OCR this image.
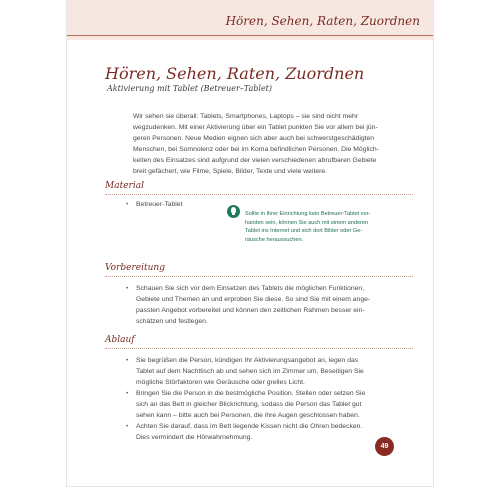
Hören, Sehen, Raten, Zuordnen
Hören, Sehen, Raten, Zuordnen
Aktivierung mit Tablet (Betreuer–Tablet)
Wir sehen sie überall: Tablets, Smartphones, Laptops – sie sind nicht mehr
wegzudenken. Mit einer Aktivierung über ein Tablet punkten Sie vor allem bei jün-
geren Personen. Neue Medien eignen sich aber auch bei schwerstgeschädigten
Menschen, bei Somnolenz oder bei im Koma befindlichen Personen. Die Möglich-
keiten des Einsatzes sind aufgrund der vielen verschiedenen abrufbaren Gebiete
breit gefächert, wie Filme, Spiele, Bilder, Texte und viele weitere.
Material
• Betreuer-Tablet
Sollte in Ihrer Einrichtung kein Betreuer-Tablet vor-
handen sein, können Sie auch mit einem anderen
Tablet ins Internet und sich dort Bilder oder Ge-
räusche heraussuchen.
Vorbereitung
• Schauen Sie sich vor dem Einsetzen des Tablets die möglichen Funktionen,
Gebiete und Themen an und erproben Sie diese. So sind Sie mit einem ange-
passten Angebot vorbereitet und können den zeitlichen Rahmen besser ein-
schätzen und festlegen.
Ablauf
• Sie begrüßen die Person, kündigen Ihr Aktivierungsangebot an, legen das
Tablet auf dem Nachttisch ab und sehen sich im Zimmer um. Beseitigen Sie
mögliche Störfaktoren wie Geräusche oder grelles Licht.
• Bringen Sie die Person in die bestmögliche Position. Stellen oder setzen Sie
sich an das Bett in gleicher Blickrichtung, sodass die Person das Tablet gut
sehen kann – bitte auch bei Personen, die ihre Augen geschlossen haben.
• Achten Sie darauf, dass im Bett liegende Kissen nicht die Ohren bedecken.
Dies vermindert die Hörwahrnehmung.
49
